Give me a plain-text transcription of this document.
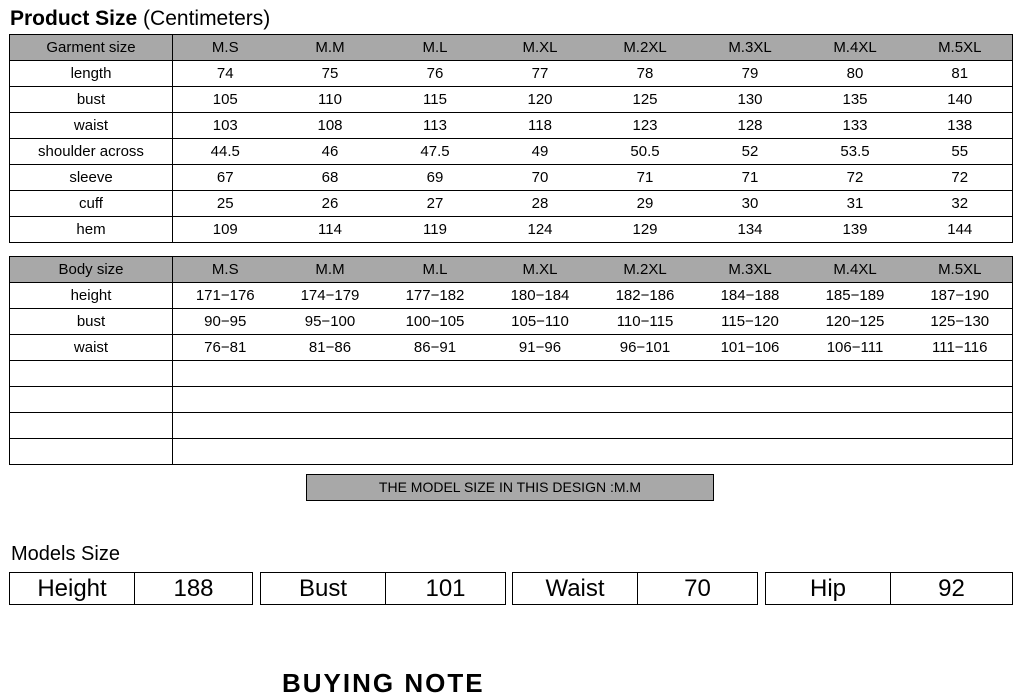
Product Size (Centimeters)
Garment size	M.S	M.M	M.L	M.XL	M.2XL	M.3XL	M.4XL	M.5XL
length	74	75	76	77	78	79	80	81
bust	105	110	115	120	125	130	135	140
waist	103	108	113	118	123	128	133	138
shoulder across	44.5	46	47.5	49	50.5	52	53.5	55
sleeve	67	68	69	70	71	71	72	72
cuff	25	26	27	28	29	30	31	32
hem	109	114	119	124	129	134	139	144
Body size	M.S	M.M	M.L	M.XL	M.2XL	M.3XL	M.4XL	M.5XL
height	171−176	174−179	177−182	180−184	182−186	184−188	185−189	187−190
bust	90−95	95−100	100−105	105−110	110−115	115−120	120−125	125−130
waist	76−81	81−86	86−91	91−96	96−101	101−106	106−111	111−116

THE MODEL SIZE IN THIS DESIGN :M.M
Models Size
Height	188	Bust	101	Waist	70	Hip	92
BUYING NOTE
